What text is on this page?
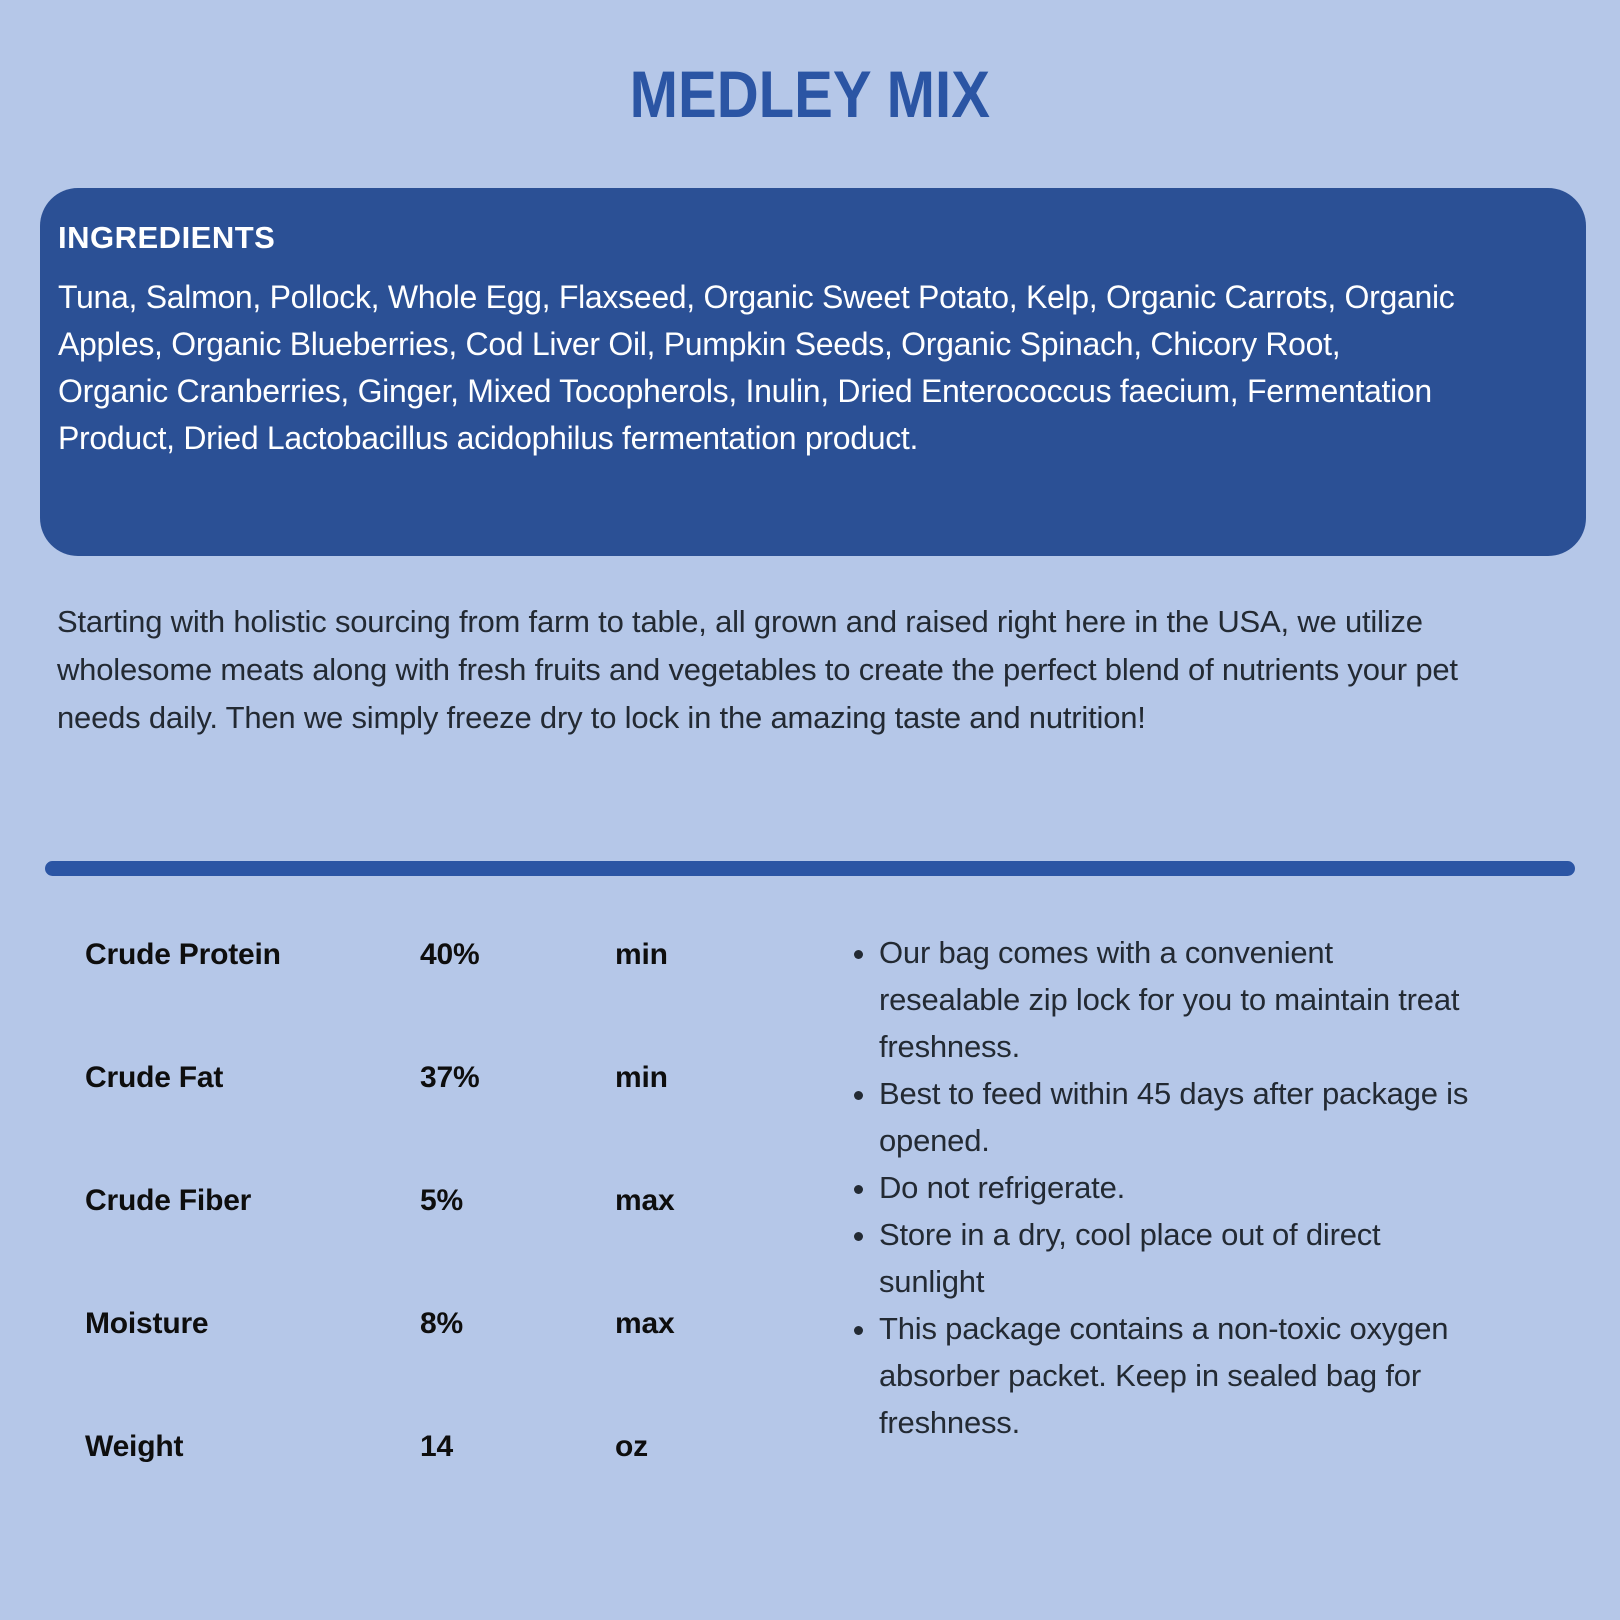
MEDLEY MIX
INGREDIENTS
Tuna, Salmon, Pollock, Whole Egg, Flaxseed, Organic Sweet Potato, Kelp, Organic Carrots, Organic Apples, Organic Blueberries, Cod Liver Oil, Pumpkin Seeds, Organic Spinach, Chicory Root, Organic Cranberries, Ginger, Mixed Tocopherols, Inulin, Dried Enterococcus faecium, Fermentation Product, Dried Lactobacillus acidophilus fermentation product.
Starting with holistic sourcing from farm to table, all grown and raised right here in the USA, we utilize wholesome meats along with fresh fruits and vegetables to create the perfect blend of nutrients your pet needs daily. Then we simply freeze dry to lock in the amazing taste and nutrition!
Crude Protein	40%	min
Crude Fat	37%	min
Crude Fiber	5%	max
Moisture	8%	max
Weight	14	oz
• Our bag comes with a convenient resealable zip lock for you to maintain treat freshness.
• Best to feed within 45 days after package is opened.
• Do not refrigerate.
• Store in a dry, cool place out of direct sunlight
• This package contains a non-toxic oxygen absorber packet. Keep in sealed bag for freshness.
